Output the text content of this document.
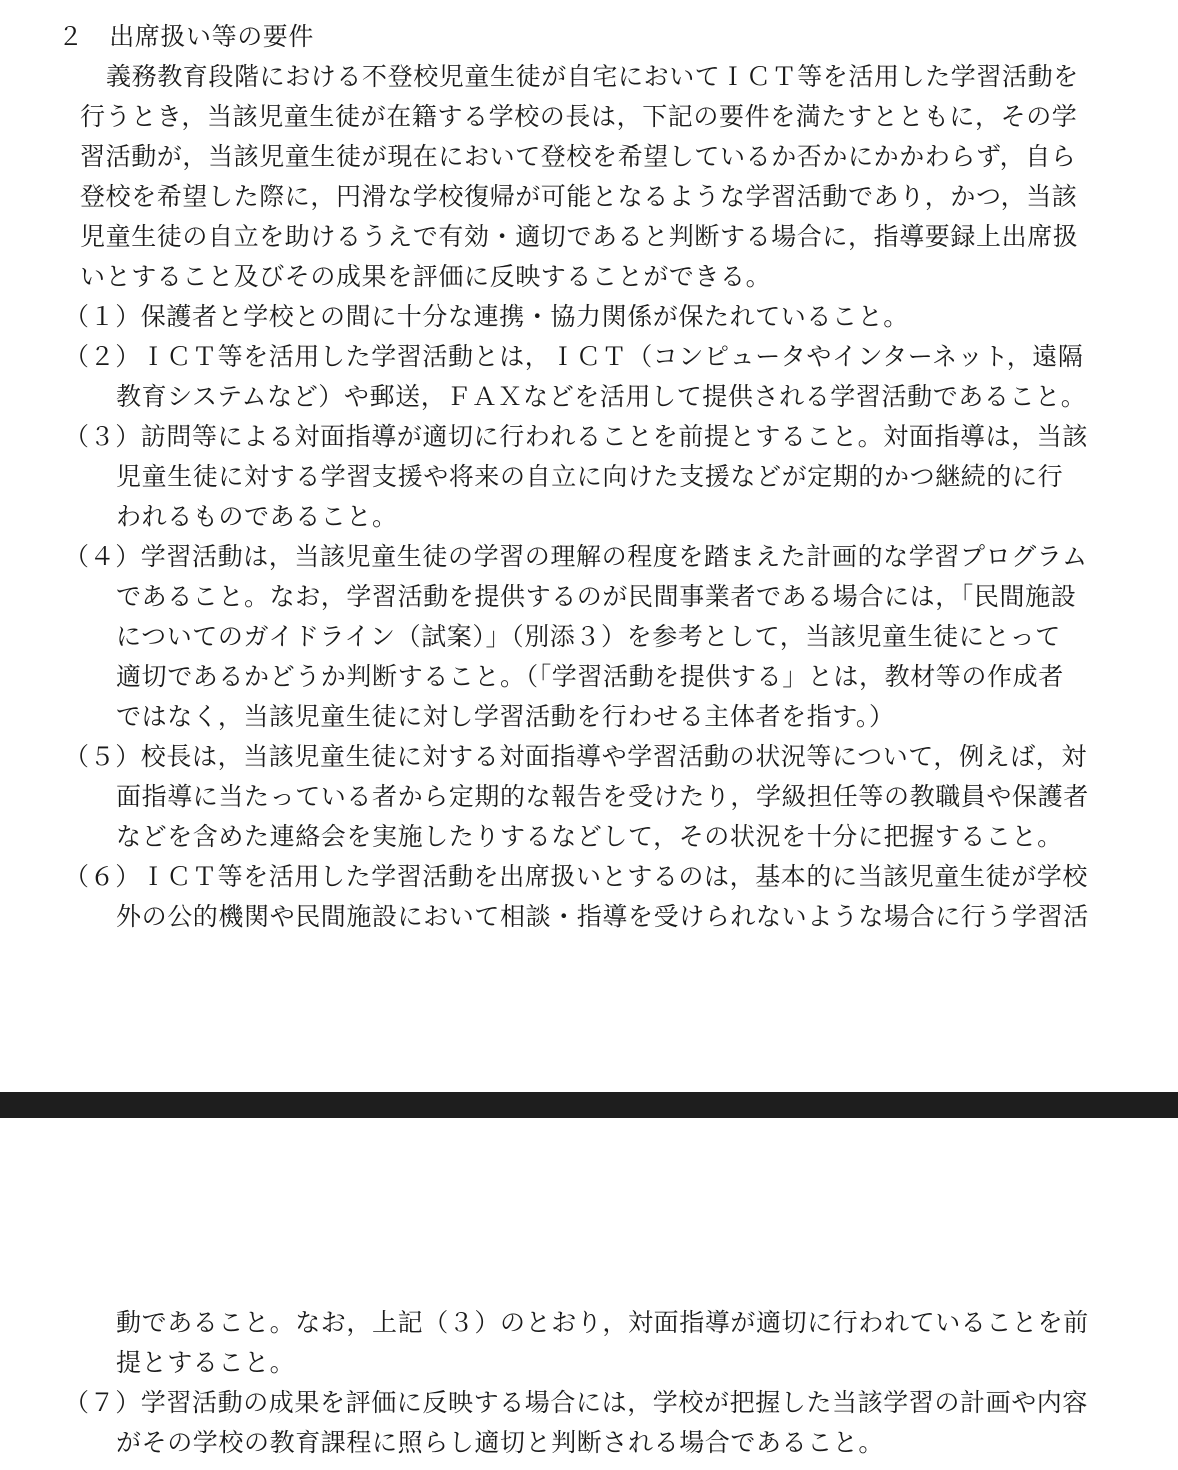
２　出席扱い等の要件
義務教育段階における不登校児童生徒が自宅においてＩＣＴ等を活用した学習活動を
行うとき，当該児童生徒が在籍する学校の長は，下記の要件を満たすとともに，その学
習活動が，当該児童生徒が現在において登校を希望しているか否かにかかわらず，自ら
登校を希望した際に，円滑な学校復帰が可能となるような学習活動であり，かつ，当該
児童生徒の自立を助けるうえで有効・適切であると判断する場合に，指導要録上出席扱
いとすること及びその成果を評価に反映することができる。
（１）保護者と学校との間に十分な連携・協力関係が保たれていること。
（２）ＩＣＴ等を活用した学習活動とは，ＩＣＴ（コンピュータやインターネット，遠隔
教育システムなど）や郵送，ＦＡＸなどを活用して提供される学習活動であること。
（３）訪問等による対面指導が適切に行われることを前提とすること。対面指導は，当該
児童生徒に対する学習支援や将来の自立に向けた支援などが定期的かつ継続的に行
われるものであること。
（４）学習活動は，当該児童生徒の学習の理解の程度を踏まえた計画的な学習プログラム
であること。なお，学習活動を提供するのが民間事業者である場合には，「民間施設
についてのガイドライン（試案）」（別添３）を参考として，当該児童生徒にとって
適切であるかどうか判断すること。（「学習活動を提供する」とは，教材等の作成者
ではなく，当該児童生徒に対し学習活動を行わせる主体者を指す。）
（５）校長は，当該児童生徒に対する対面指導や学習活動の状況等について，例えば，対
面指導に当たっている者から定期的な報告を受けたり，学級担任等の教職員や保護者
などを含めた連絡会を実施したりするなどして，その状況を十分に把握すること。
（６）ＩＣＴ等を活用した学習活動を出席扱いとするのは，基本的に当該児童生徒が学校
外の公的機関や民間施設において相談・指導を受けられないような場合に行う学習活
動であること。なお，上記（３）のとおり，対面指導が適切に行われていることを前
提とすること。
（７）学習活動の成果を評価に反映する場合には，学校が把握した当該学習の計画や内容
がその学校の教育課程に照らし適切と判断される場合であること。
